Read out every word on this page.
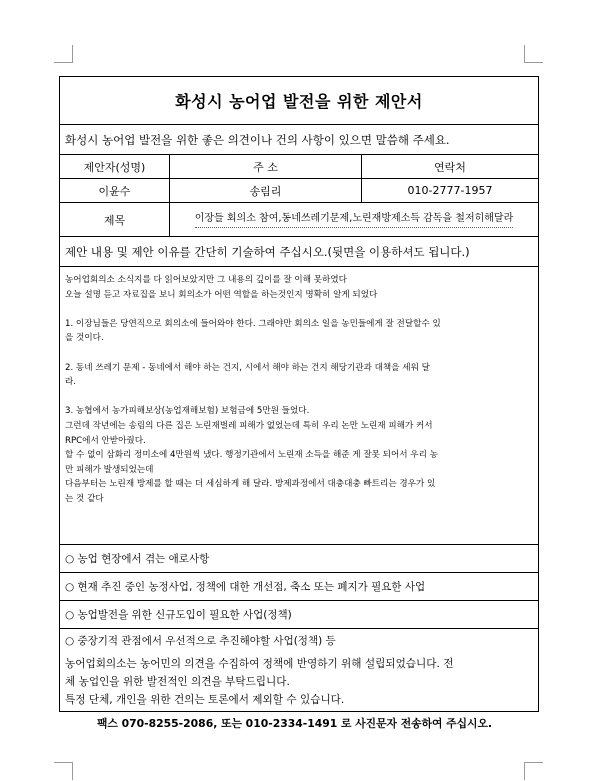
화성시 농어업 발전을 위한 제안서
화성시 농어업 발전을 위한 좋은 의견이나 건의 사항이 있으면 말씀해 주세요.
제안자(성명)	주 소	연락처
이윤수	송림리	010-2777-1957
제목	이장들 회의소 참여,동네쓰레기문제,노린재방제소득 감독을 철저히해달라
제안 내용 및 제안 이유를 간단히 기술하여 주십시오.(뒷면을 이용하셔도 됩니다.)

농어업회의소 소식지를 다 읽어보았지만 그 내용의 깊이를 잘 이해 못하였다

오늘 설명 듣고 자료집을 보니 회의소가 어떤 역할을 하는것인지 명확히 알게 되었다

1. 이장님들은 당연직으로 회의소에 들어와야 한다. 그래야만 회의소 일을 농민들에게 잘 전달할수 있

을 것이다.

2. 동네 쓰레기 문제 - 동네에서 해야 하는 건지, 시에서 해야 하는 건지 해당기관과 대책을 세워 달

라.

3. 농협에서 농가피해보상(농업재해보험) 보험금에 5만원 들었다.

그런데 작년에는 송림의 다른 집은 노린재벌레 피해가 없었는데 특히 우리 논만 노린재 피해가 커서

RPC에서 안받아줬다.

할 수 없이 삼화리 정미소에 4만원씩 냈다. 행정기관에서 노린재 소득을 해준 게 잘못 되어서 우리 농

만 피해가 발생되었는데

다음부터는 노린재 방제를 할 때는 더 세심하게 해 달라. 방제과정에서 대충대충 빠트리는 경우가 있

는 것 같다

○ 농업 현장에서 겪는 애로사항
○ 현재 추진 중인 농정사업, 정책에 대한 개선점, 축소 또는 폐지가 필요한 사업
○ 농업발전을 위한 신규도입이 필요한 사업(정책)
○ 중장기적 관점에서 우선적으로 추진해야할 사업(정책) 등

농어업회의소는 농어민의 의견을 수집하여 정책에 반영하기 위해 설립되었습니다. 전

체 농업인을 위한 발전적인 의견을 부탁드립니다.

특정 단체, 개인을 위한 건의는 토론에서 제외할 수 있습니다.

팩스 070-8255-2086, 또는 010-2334-1491 로 사진문자 전송하여 주십시오.
